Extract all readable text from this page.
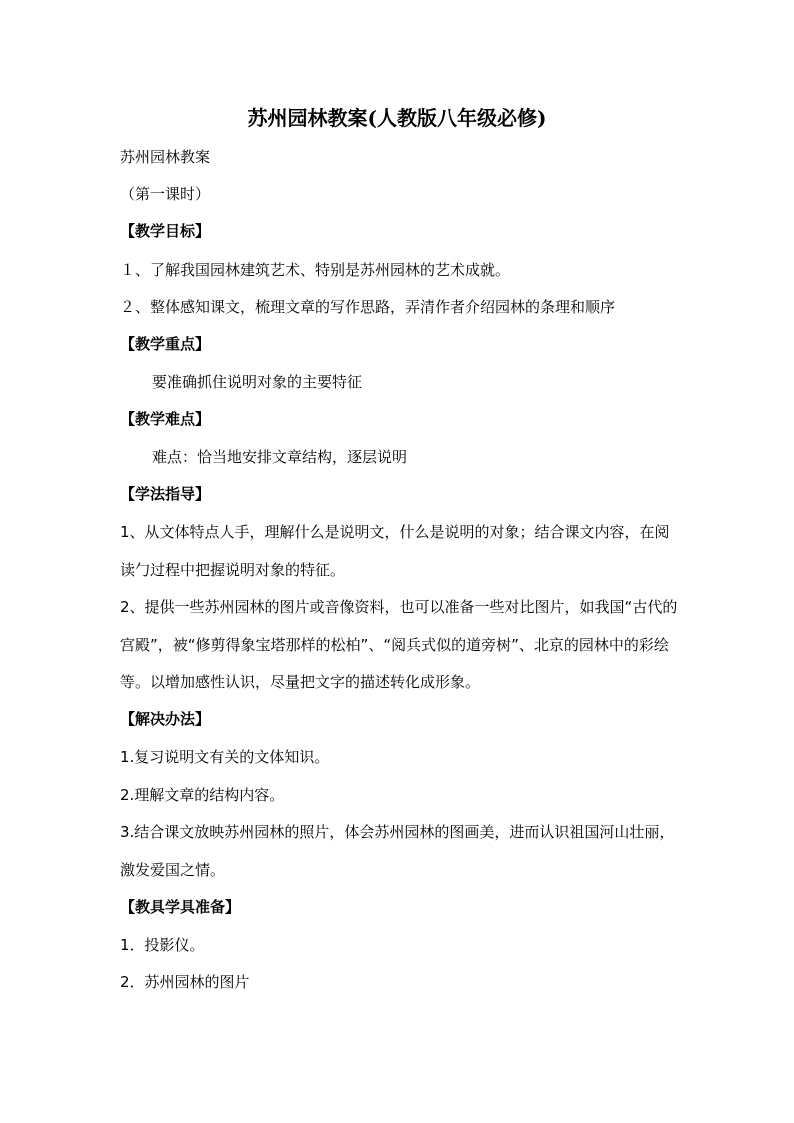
苏州园林教案(人教版八年级必修)
苏州园林教案
（第一课时）
【教学目标】
１、了解我国园林建筑艺术、特别是苏州园林的艺术成就。
２、整体感知课文，梳理文章的写作思路，弄清作者介绍园林的条理和顺序
【教学重点】
要准确抓住说明对象的主要特征
【教学难点】
难点：恰当地安排文章结构，逐层说明
【学法指导】
1、从文体特点人手，理解什么是说明文，什么是说明的对象；结合课文内容，在阅读勹过程中把握说明对象的特征。
2、提供一些苏州园林的图片或音像资料，也可以准备一些对比图片，如我国“古代的宫殿”，被“修剪得象宝塔那样的松柏”、“阅兵式似的道旁树”、北京的园林中的彩绘等。以增加感性认识，尽量把文字的描述转化成形象。
【解决办法】
1.复习说明文有关的文体知识。
2.理解文章的结构内容。
3.结合课文放映苏州园林的照片，体会苏州园林的图画美，进而认识祖国河山壮丽，激发爱国之情。
【教具学具准备】
1．投影仪。
2．苏州园林的图片
